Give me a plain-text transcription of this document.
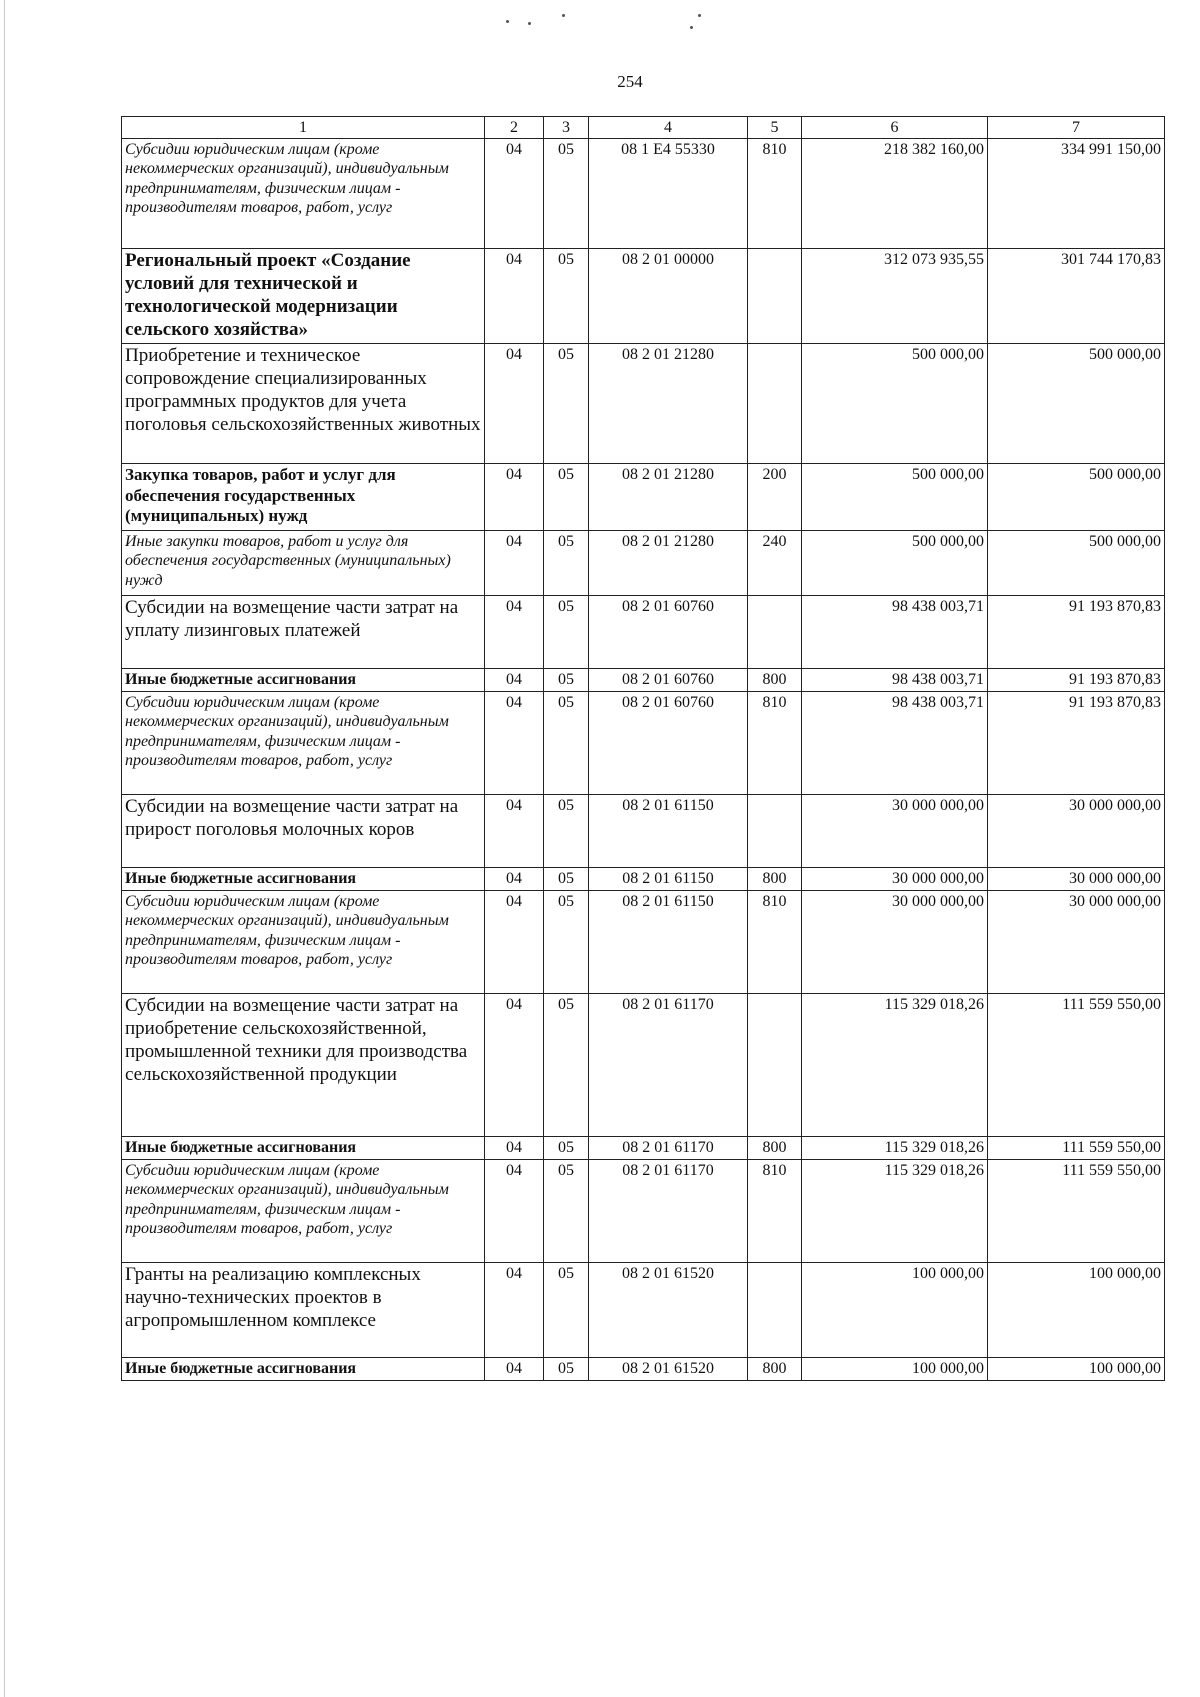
254
1	2	3	4	5	6	7
Субсидии юридическим лицам (кроме некоммерческих организаций), индивидуальным предпринимателям, физическим лицам - производителям товаров, работ, услуг	04	05	08 1 E4 55330	810	218 382 160,00	334 991 150,00
Региональный проект «Создание условий для технической и технологической модернизации сельского хозяйства»	04	05	08 2 01 00000		312 073 935,55	301 744 170,83
Приобретение и техническое сопровождение специализированных программных продуктов для учета поголовья сельскохозяйственных животных	04	05	08 2 01 21280		500 000,00	500 000,00
Закупка товаров, работ и услуг для обеспечения государственных (муниципальных) нужд	04	05	08 2 01 21280	200	500 000,00	500 000,00
Иные закупки товаров, работ и услуг для обеспечения государственных (муниципальных) нужд	04	05	08 2 01 21280	240	500 000,00	500 000,00
Субсидии на возмещение части затрат на уплату лизинговых платежей	04	05	08 2 01 60760		98 438 003,71	91 193 870,83
Иные бюджетные ассигнования	04	05	08 2 01 60760	800	98 438 003,71	91 193 870,83
Субсидии юридическим лицам (кроме некоммерческих организаций), индивидуальным предпринимателям, физическим лицам - производителям товаров, работ, услуг	04	05	08 2 01 60760	810	98 438 003,71	91 193 870,83
Субсидии на возмещение части затрат на прирост поголовья молочных коров	04	05	08 2 01 61150		30 000 000,00	30 000 000,00
Иные бюджетные ассигнования	04	05	08 2 01 61150	800	30 000 000,00	30 000 000,00
Субсидии юридическим лицам (кроме некоммерческих организаций), индивидуальным предпринимателям, физическим лицам - производителям товаров, работ, услуг	04	05	08 2 01 61150	810	30 000 000,00	30 000 000,00
Субсидии на возмещение части затрат на приобретение сельскохозяйственной, промышленной техники для производства сельскохозяйственной продукции	04	05	08 2 01 61170		115 329 018,26	111 559 550,00
Иные бюджетные ассигнования	04	05	08 2 01 61170	800	115 329 018,26	111 559 550,00
Субсидии юридическим лицам (кроме некоммерческих организаций), индивидуальным предпринимателям, физическим лицам - производителям товаров, работ, услуг	04	05	08 2 01 61170	810	115 329 018,26	111 559 550,00
Гранты на реализацию комплексных научно-технических проектов в агропромышленном комплексе	04	05	08 2 01 61520		100 000,00	100 000,00
Иные бюджетные ассигнования	04	05	08 2 01 61520	800	100 000,00	100 000,00
